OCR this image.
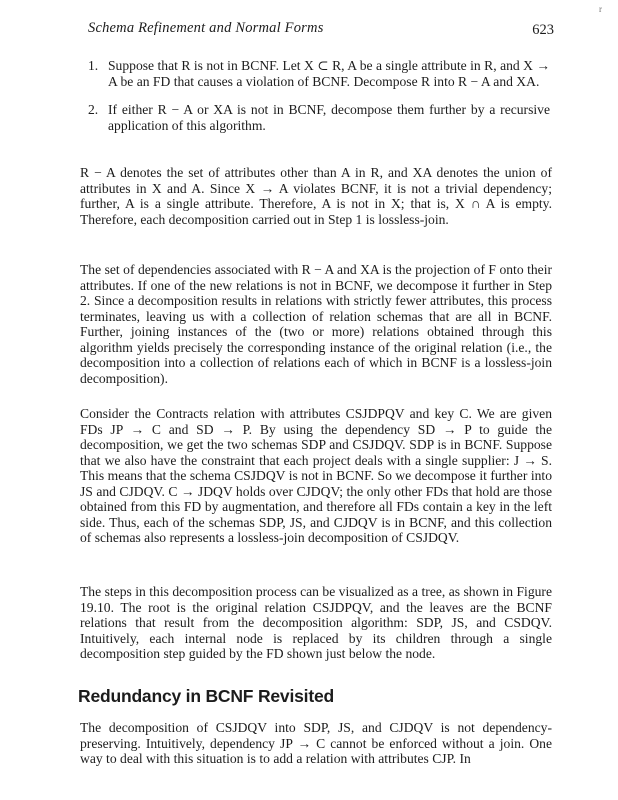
Schema Refinement and Normal Forms	623
r
1. Suppose that R is not in BCNF. Let X ⊂ R, A be a single attribute in R, and X → A be an FD that causes a violation of BCNF. Decompose R into R − A and XA.
2. If either R − A or XA is not in BCNF, decompose them further by a recursive application of this algorithm.

R − A denotes the set of attributes other than A in R, and XA denotes the union of attributes in X and A. Since X → A violates BCNF, it is not a trivial dependency; further, A is a single attribute. Therefore, A is not in X; that is, X ∩ A is empty. Therefore, each decomposition carried out in Step 1 is lossless-join.

The set of dependencies associated with R − A and XA is the projection of F onto their attributes. If one of the new relations is not in BCNF, we decompose it further in Step 2. Since a decomposition results in relations with strictly fewer attributes, this process terminates, leaving us with a collection of relation schemas that are all in BCNF. Further, joining instances of the (two or more) relations obtained through this algorithm yields precisely the corresponding instance of the original relation (i.e., the decomposition into a collection of relations each of which in BCNF is a lossless-join decomposition).

Consider the Contracts relation with attributes CSJDPQV and key C. We are given FDs JP → C and SD → P. By using the dependency SD → P to guide the decomposition, we get the two schemas SDP and CSJDQV. SDP is in BCNF. Suppose that we also have the constraint that each project deals with a single supplier: J → S. This means that the schema CSJDQV is not in BCNF. So we decompose it further into JS and CJDQV. C → JDQV holds over CJDQV; the only other FDs that hold are those obtained from this FD by augmentation, and therefore all FDs contain a key in the left side. Thus, each of the schemas SDP, JS, and CJDQV is in BCNF, and this collection of schemas also represents a lossless-join decomposition of CSJDQV.

The steps in this decomposition process can be visualized as a tree, as shown in Figure 19.10. The root is the original relation CSJDPQV, and the leaves are the BCNF relations that result from the decomposition algorithm: SDP, JS, and CSDQV. Intuitively, each internal node is replaced by its children through a single decomposition step guided by the FD shown just below the node.

Redundancy in BCNF Revisited

The decomposition of CSJDQV into SDP, JS, and CJDQV is not dependency-preserving. Intuitively, dependency JP → C cannot be enforced without a join. One way to deal with this situation is to add a relation with attributes CJP. In
